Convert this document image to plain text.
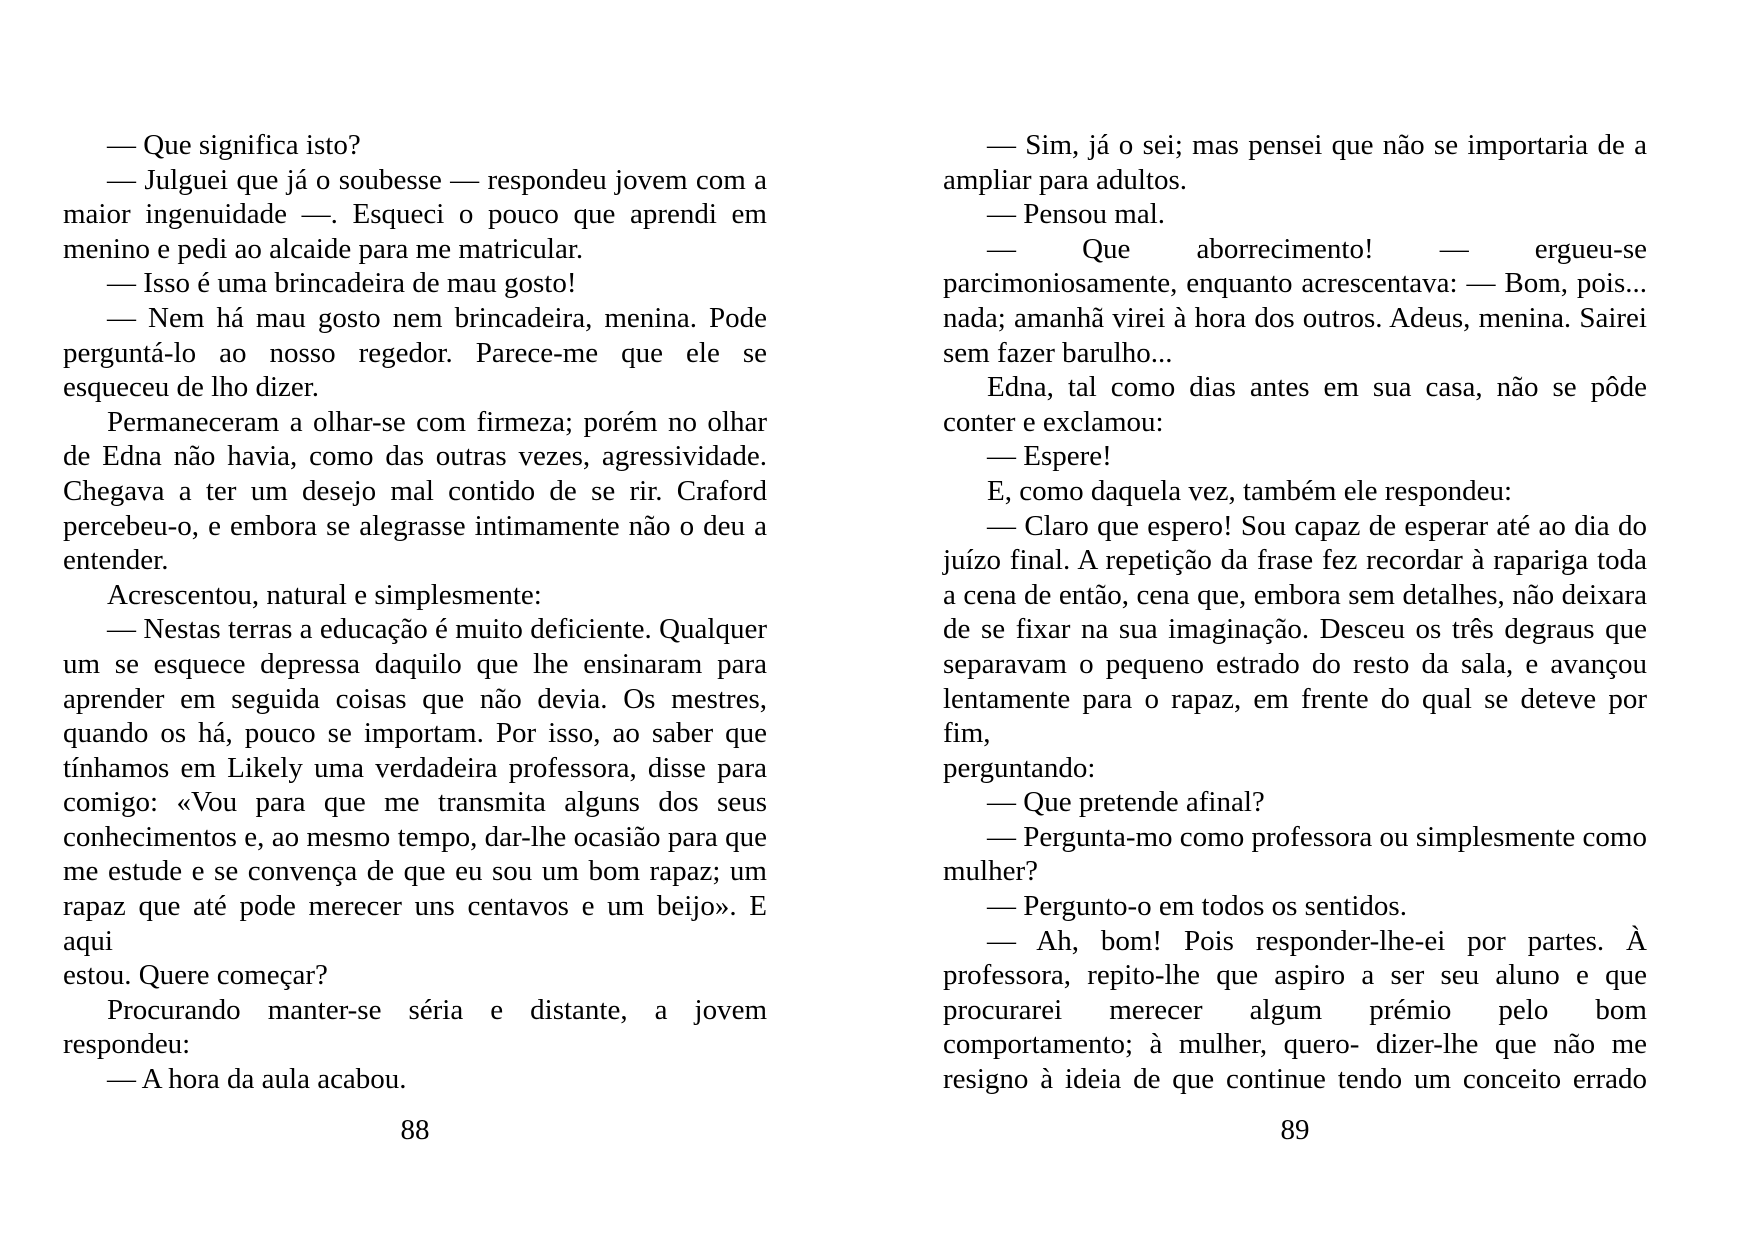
— Que significa isto?
— Julguei que já o soubesse — respondeu jovem com a
maior ingenuidade —. Esqueci o pouco que aprendi em
menino e pedi ao alcaide para me matricular.
— Isso é uma brincadeira de mau gosto!
— Nem há mau gosto nem brincadeira, menina. Pode
perguntá-lo ao nosso regedor. Parece-me que ele se
esqueceu de lho dizer.
Permaneceram a olhar-se com firmeza; porém no olhar
de Edna não havia, como das outras vezes, agressividade.
Chegava a ter um desejo mal contido de se rir. Craford
percebeu-o, e embora se alegrasse intimamente não o deu a
entender.
Acrescentou, natural e simplesmente:
— Nestas terras a educação é muito deficiente. Qualquer
um se esquece depressa daquilo que lhe ensinaram para
aprender em seguida coisas que não devia. Os mestres,
quando os há, pouco se importam. Por isso, ao saber que
tínhamos em Likely uma verdadeira professora, disse para
comigo: «Vou para que me transmita alguns dos seus
conhecimentos e, ao mesmo tempo, dar-lhe ocasião para que
me estude e se convença de que eu sou um bom rapaz; um
rapaz que até pode merecer uns centavos e um beijo». E aqui
estou. Quere começar?
Procurando manter-se séria e distante, a jovem
respondeu:
— A hora da aula acabou.
88
— Sim, já o sei; mas pensei que não se importaria de a
ampliar para adultos.
— Pensou mal.
— Que aborrecimento! — ergueu-se
parcimoniosamente, enquanto acrescentava: — Bom, pois...
nada; amanhã virei à hora dos outros. Adeus, menina. Sairei
sem fazer barulho...
Edna, tal como dias antes em sua casa, não se pôde
conter e exclamou:
— Espere!
E, como daquela vez, também ele respondeu:
— Claro que espero! Sou capaz de esperar até ao dia do
juízo final. A repetição da frase fez recordar à rapariga toda
a cena de então, cena que, embora sem detalhes, não deixara
de se fixar na sua imaginação. Desceu os três degraus que
separavam o pequeno estrado do resto da sala, e avançou
lentamente para o rapaz, em frente do qual se deteve por fim,
perguntando:
— Que pretende afinal?
— Pergunta-mo como professora ou simplesmente como
mulher?
— Pergunto-o em todos os sentidos.
— Ah, bom! Pois responder-lhe-ei por partes. À
professora, repito-lhe que aspiro a ser seu aluno e que
procurarei merecer algum prémio pelo bom
comportamento; à mulher, quero- dizer-lhe que não me
resigno à ideia de que continue tendo um conceito errado
89
